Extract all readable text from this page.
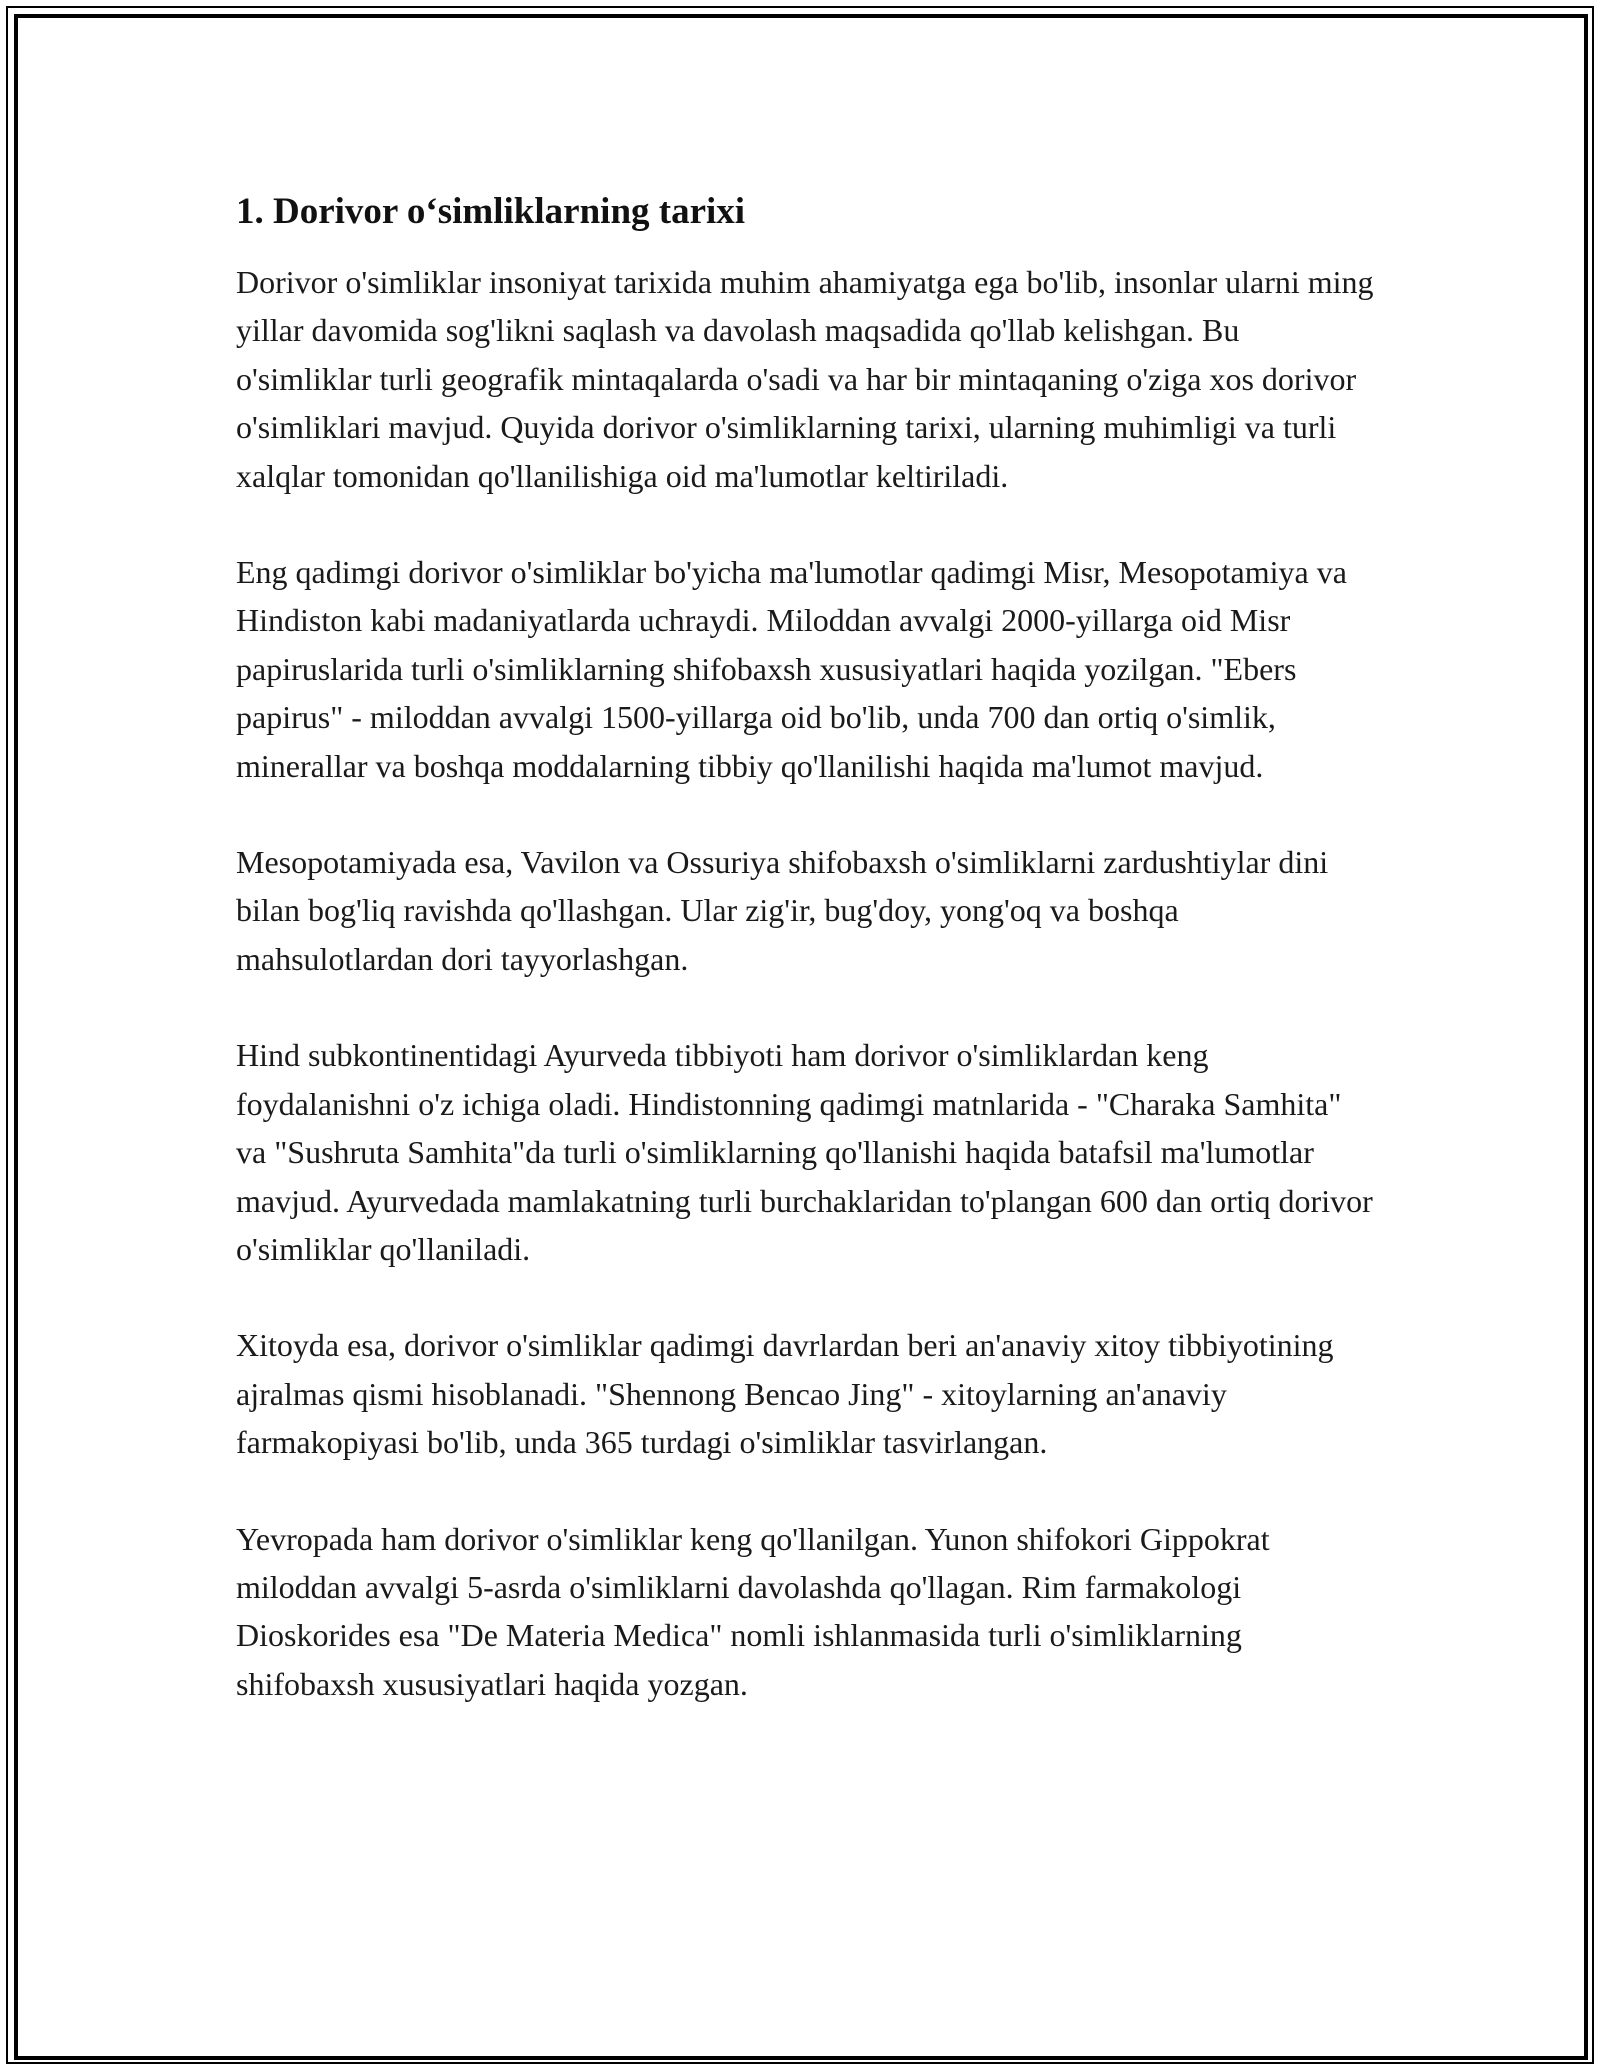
1. Dorivor o‘simliklarning tarixi

Dorivor o'simliklar insoniyat tarixida muhim ahamiyatga ega bo'lib, insonlar ularni ming yillar davomida sog'likni saqlash va davolash maqsadida qo'llab kelishgan. Bu o'simliklar turli geografik mintaqalarda o'sadi va har bir mintaqaning o'ziga xos dorivor o'simliklari mavjud. Quyida dorivor o'simliklarning tarixi, ularning muhimligi va turli xalqlar tomonidan qo'llanilishiga oid ma'lumotlar keltiriladi.

Eng qadimgi dorivor o'simliklar bo'yicha ma'lumotlar qadimgi Misr, Mesopotamiya va Hindiston kabi madaniyatlarda uchraydi. Miloddan avvalgi 2000-yillarga oid Misr papiruslarida turli o'simliklarning shifobaxsh xususiyatlari haqida yozilgan. "Ebers papirus" - miloddan avvalgi 1500-yillarga oid bo'lib, unda 700 dan ortiq o'simlik, minerallar va boshqa moddalarning tibbiy qo'llanilishi haqida ma'lumot mavjud.

Mesopotamiyada esa, Vavilon va Ossuriya shifobaxsh o'simliklarni zardushtiylar dini bilan bog'liq ravishda qo'llashgan. Ular zig'ir, bug'doy, yong'oq va boshqa mahsulotlardan dori tayyorlashgan.

Hind subkontinentidagi Ayurveda tibbiyoti ham dorivor o'simliklardan keng foydalanishni o'z ichiga oladi. Hindistonning qadimgi matnlarida - "Charaka Samhita" va "Sushruta Samhita"da turli o'simliklarning qo'llanishi haqida batafsil ma'lumotlar mavjud. Ayurvedada mamlakatning turli burchaklaridan to'plangan 600 dan ortiq dorivor o'simliklar qo'llaniladi.

Xitoyda esa, dorivor o'simliklar qadimgi davrlardan beri an'anaviy xitoy tibbiyotining ajralmas qismi hisoblanadi. "Shennong Bencao Jing" - xitoylarning an'anaviy farmakopiyasi bo'lib, unda 365 turdagi o'simliklar tasvirlangan.

Yevropada ham dorivor o'simliklar keng qo'llanilgan. Yunon shifokori Gippokrat miloddan avvalgi 5-asrda o'simliklarni davolashda qo'llagan. Rim farmakologi Dioskorides esa "De Materia Medica" nomli ishlanmasida turli o'simliklarning shifobaxsh xususiyatlari haqida yozgan.
